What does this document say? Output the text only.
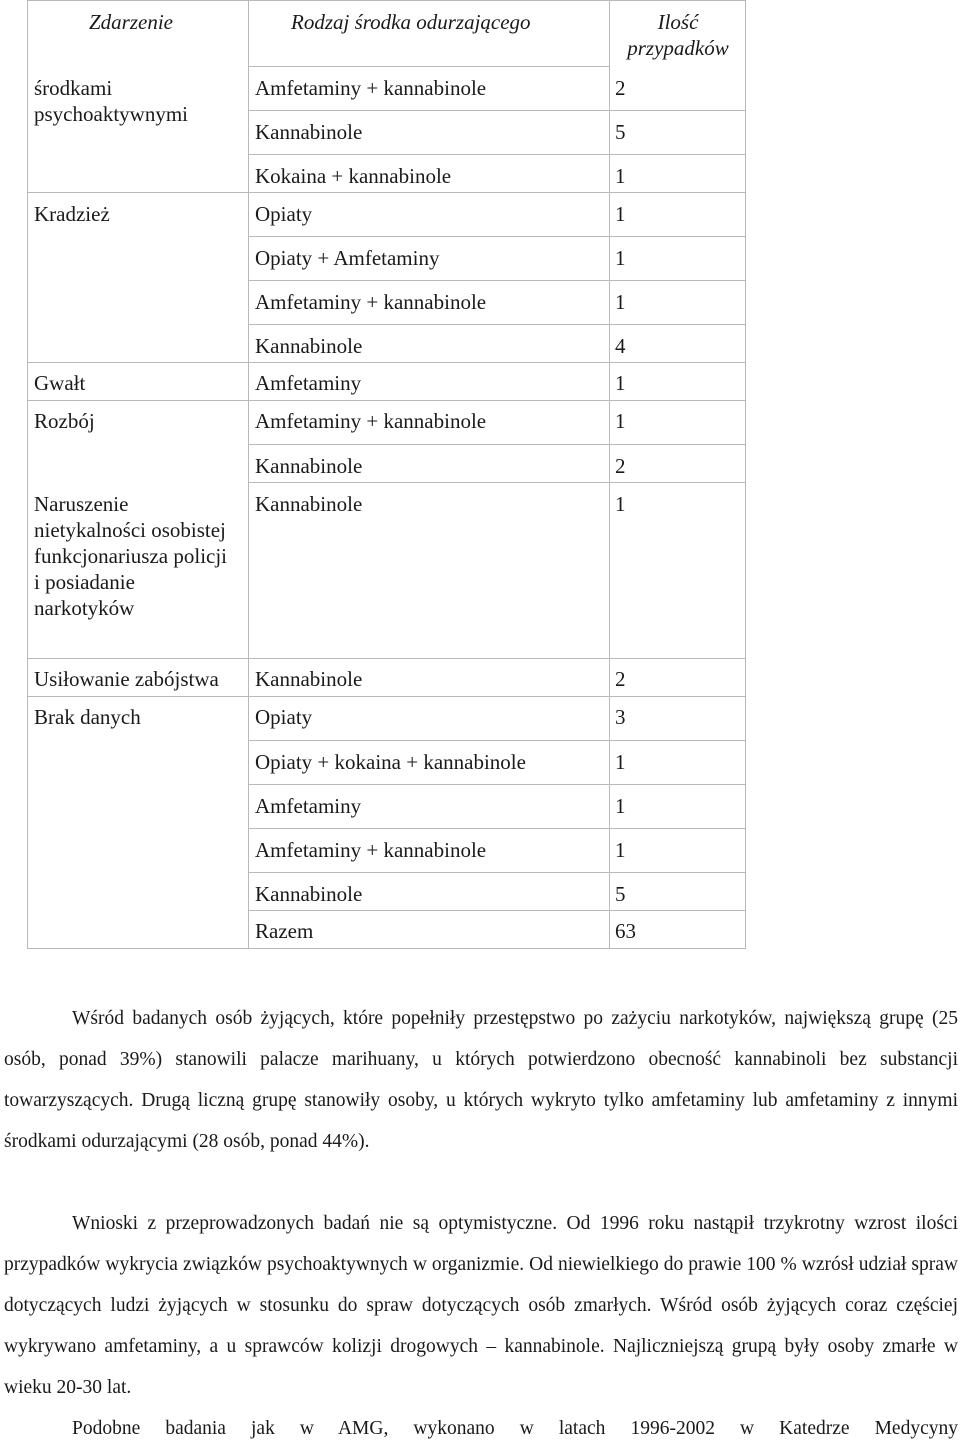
Zdarzenie	Rodzaj środka odurzającego	Ilość przypadków
środkami psychoaktywnymi
Kradzież
Gwałt
Rozbój
Naruszenie nietykalności osobistej funkcjonariusza policji i posiadanie narkotyków
Usiłowanie zabójstwa
Brak danych
Amfetaminy + kannabinole
Kannabinole
Kokaina + kannabinole
Opiaty
Opiaty + Amfetaminy
Amfetaminy + kannabinole
Kannabinole
Amfetaminy
Amfetaminy + kannabinole
Kannabinole
Kannabinole
Kannabinole
Opiaty
Opiaty + kokaina + kannabinole
Amfetaminy
Amfetaminy + kannabinole
Kannabinole
Razem
2
5
1
1
1
1
4
1
1
2
1
2
3
1
1
1
5
63
Wśród badanych osób żyjących, które popełniły przestępstwo po zażyciu narkotyków, największą grupę (25 osób, ponad 39%) stanowili palacze marihuany, u których potwierdzono obecność kannabinoli bez substancji towarzyszących. Drugą liczną grupę stanowiły osoby, u których wykryto tylko amfetaminy lub amfetaminy z innymi środkami odurzającymi (28 osób, ponad 44%).
Wnioski z przeprowadzonych badań nie są optymistyczne. Od 1996 roku nastąpił trzykrotny wzrost ilości przypadków wykrycia związków psychoaktywnych w organizmie. Od niewielkiego do prawie 100 % wzrósł udział spraw dotyczących ludzi żyjących w stosunku do spraw dotyczących osób zmarłych. Wśród osób żyjących coraz częściej wykrywano amfetaminy, a u sprawców kolizji drogowych – kannabinole. Najliczniejszą grupą były osoby zmarłe w wieku 20-30 lat.
Podobne badania jak w AMG, wykonano w latach 1996-2002 w Katedrze Medycyny
